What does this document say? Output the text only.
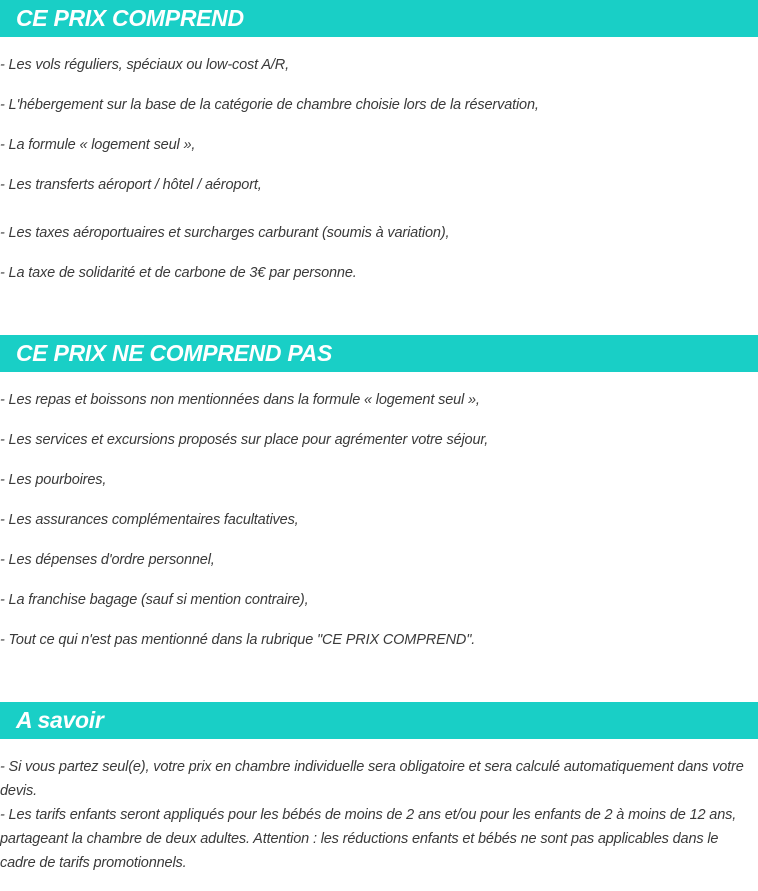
CE PRIX COMPREND

- Les vols réguliers, spéciaux ou low-cost A/R,

- L'hébergement sur la base de la catégorie de chambre choisie lors de la réservation,

- La formule « logement seul »,

- Les transferts aéroport / hôtel / aéroport,

- Les taxes aéroportuaires et surcharges carburant (soumis à variation),

- La taxe de solidarité et de carbone de 3€ par personne.

CE PRIX NE COMPREND PAS

- Les repas et boissons non mentionnées dans la formule « logement seul »,

- Les services et excursions proposés sur place pour agrémenter votre séjour,

- Les pourboires,

- Les assurances complémentaires facultatives,

- Les dépenses d'ordre personnel,

- La franchise bagage (sauf si mention contraire),

- Tout ce qui n'est pas mentionné dans la rubrique "CE PRIX COMPREND".

A savoir

- Si vous partez seul(e), votre prix en chambre individuelle sera obligatoire et sera calculé automatiquement dans votre devis.

- Les tarifs enfants seront appliqués pour les bébés de moins de 2 ans et/ou pour les enfants de 2 à moins de 12 ans, partageant la chambre de deux adultes. Attention : les réductions enfants et bébés ne sont pas applicables dans le cadre de tarifs promotionnels.
